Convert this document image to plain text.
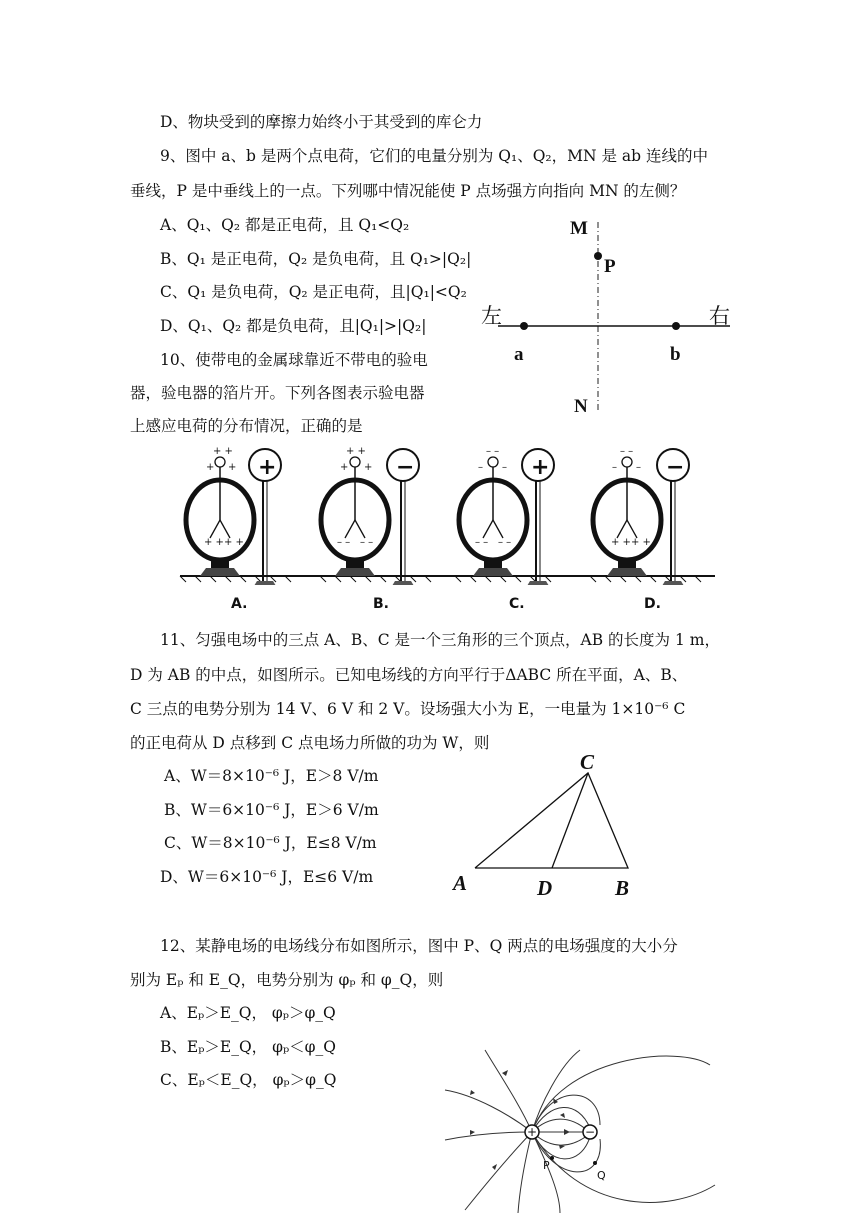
D、物块受到的摩擦力始终小于其受到的库仑力
9、图中 a、b 是两个点电荷，它们的电量分别为 Q₁、Q₂，MN 是 ab 连线的中
垂线，P 是中垂线上的一点。下列哪中情况能使 P 点场强方向指向 MN 的左侧？
A、Q₁、Q₂ 都是正电荷，且 Q₁<Q₂
B、Q₁ 是正电荷，Q₂ 是负电荷，且 Q₁>|Q₂|
C、Q₁ 是负电荷，Q₂ 是正电荷，且|Q₁|<Q₂
D、Q₁、Q₂ 都是负电荷，且|Q₁|>|Q₂|
M
P
N
左	右
a	b
10、使带电的金属球靠近不带电的验电
器，验电器的箔片开。下列各图表示验电器
上感应电荷的分布情况，正确的是
+ +
+ +
+ + + +
+ +
+ +
– – – –
– –
– –
– – – –
– –
– –
+ + + +
+	−	+	−
A.	B.	C.	D.
11、匀强电场中的三点 A、B、C 是一个三角形的三个顶点，AB 的长度为 1 m，
D 为 AB 的中点，如图所示。已知电场线的方向平行于ΔABC 所在平面，A、B、
C 三点的电势分别为 14 V、6 V 和 2 V。设场强大小为 E，一电量为 1×10⁻⁶ C
的正电荷从 D 点移到 C 点电场力所做的功为 W，则
A、W＝8×10⁻⁶ J，E＞8 V/m
B、W＝6×10⁻⁶ J，E＞6 V/m
C、W＝8×10⁻⁶ J，E≤8 V/m
D、W＝6×10⁻⁶ J，E≤6 V/m
C
A	D	B
12、某静电场的电场线分布如图所示，图中 P、Q 两点的电场强度的大小分
别为 Eₚ 和 E_Q，电势分别为 φₚ 和 φ_Q，则
A、Eₚ＞E_Q， φₚ＞φ_Q
B、Eₚ＞E_Q， φₚ＜φ_Q
C、Eₚ＜E_Q， φₚ＞φ_Q
+	−
P
Q
